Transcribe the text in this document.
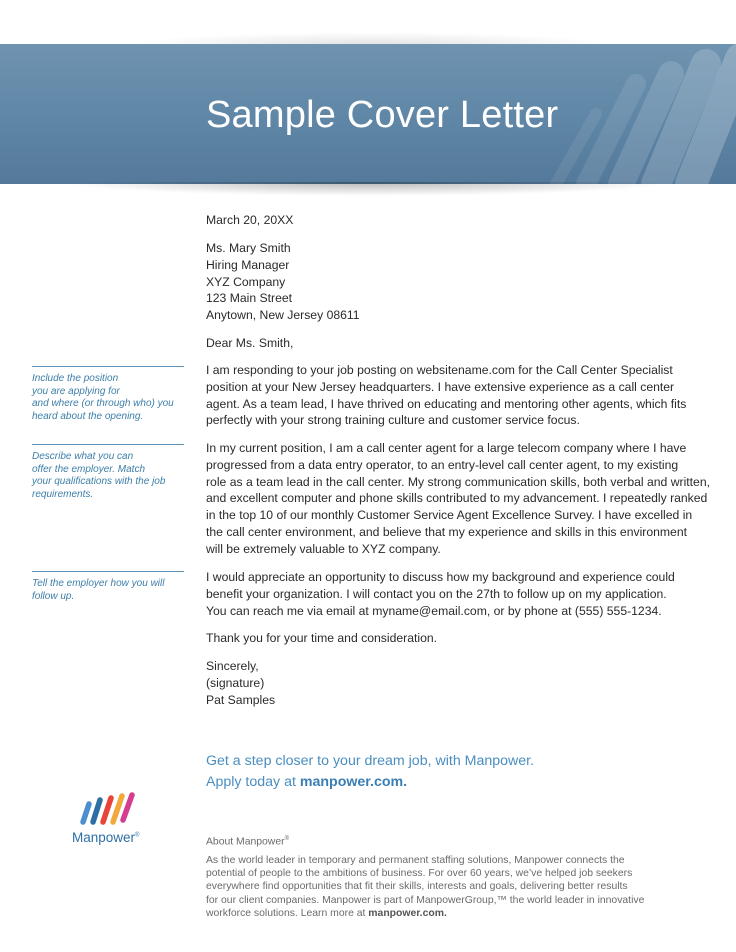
Sample Cover Letter
March 20, 20XX
Ms. Mary Smith
Hiring Manager
XYZ Company
123 Main Street
Anytown, New Jersey 08611
Dear Ms. Smith,
I am responding to your job posting on websitename.com for the Call Center Specialist
position at your New Jersey headquarters. I have extensive experience as a call center
agent. As a team lead, I have thrived on educating and mentoring other agents, which fits
perfectly with your strong training culture and customer service focus.
In my current position, I am a call center agent for a large telecom company where I have
progressed from a data entry operator, to an entry-level call center agent, to my existing
role as a team lead in the call center. My strong communication skills, both verbal and written,
and excellent computer and phone skills contributed to my advancement. I repeatedly ranked
in the top 10 of our monthly Customer Service Agent Excellence Survey. I have excelled in
the call center environment, and believe that my experience and skills in this environment
will be extremely valuable to XYZ company.
I would appreciate an opportunity to discuss how my background and experience could
benefit your organization. I will contact you on the 27th to follow up on my application.
You can reach me via email at myname@email.com, or by phone at (555) 555-1234.
Thank you for your time and consideration.
Sincerely,
(signature)
Pat Samples
Include the position
you are applying for
and where (or through who) you
heard about the opening.
Describe what you can
offer the employer. Match
your qualifications with the job
requirements.
Tell the employer how you will
follow up.
Get a step closer to your dream job, with Manpower.
Apply today at manpower.com.
Manpower®
About Manpower®
As the world leader in temporary and permanent staffing solutions, Manpower connects the
potential of people to the ambitions of business. For over 60 years, we’ve helped job seekers
everywhere find opportunities that fit their skills, interests and goals, delivering better results
for our client companies. Manpower is part of ManpowerGroup,™ the world leader in innovative
workforce solutions. Learn more at manpower.com.
